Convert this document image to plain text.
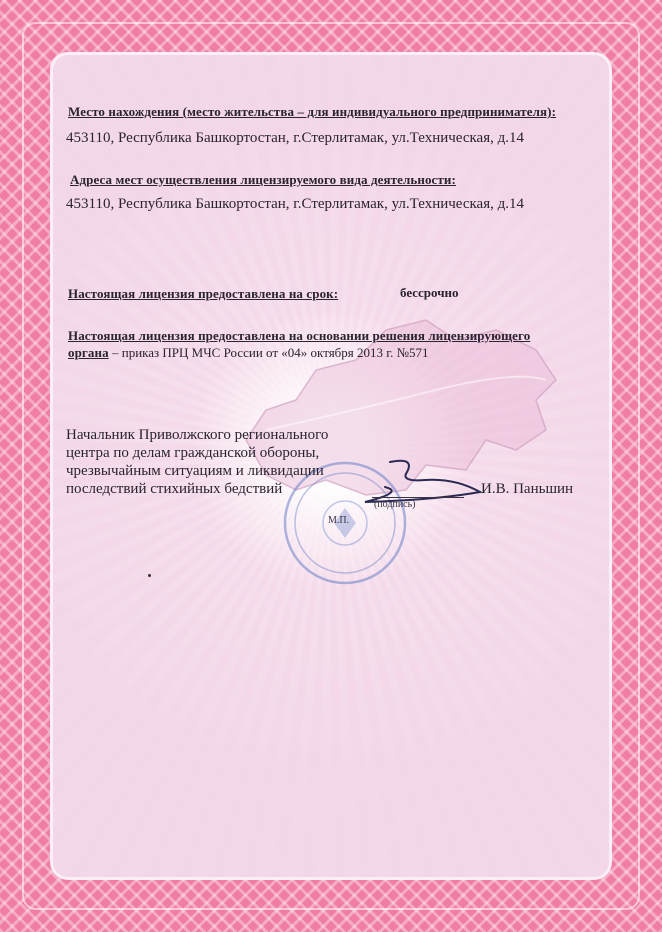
Место нахождения (место жительства – для индивидуального предпринимателя):
453110, Республика Башкортостан, г.Стерлитамак, ул.Техническая, д.14
Адреса мест осуществления лицензируемого вида деятельности:
453110, Республика Башкортостан, г.Стерлитамак, ул.Техническая, д.14
Настоящая лицензия предоставлена на срок:	бессрочно
Настоящая лицензия предоставлена на основании решения лицензирующего
органа – приказ ПРЦ МЧС России от «04» октября 2013 г. №571
Начальник Приволжского регионального
центра по делам гражданской обороны,
чрезвычайным ситуациям и ликвидации
последствий стихийных бедствий
(подпись)
М.П.
И.В. Паньшин
